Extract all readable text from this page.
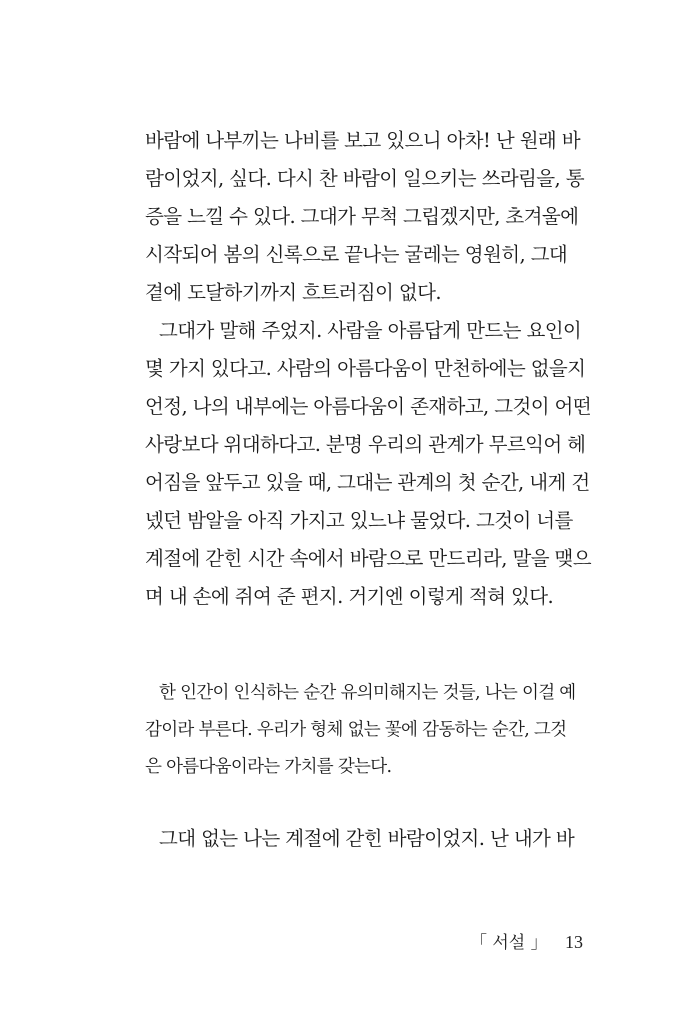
바람에 나부끼는 나비를 보고 있으니 아차! 난 원래 바
람이었지, 싶다. 다시 찬 바람이 일으키는 쓰라림을, 통
증을 느낄 수 있다. 그대가 무척 그립겠지만, 초겨울에
시작되어 봄의 신록으로 끝나는 굴레는 영원히, 그대
곁에 도달하기까지 흐트러짐이 없다.
그대가 말해 주었지. 사람을 아름답게 만드는 요인이
몇 가지 있다고. 사람의 아름다움이 만천하에는 없을지
언정, 나의 내부에는 아름다움이 존재하고, 그것이 어떤
사랑보다 위대하다고. 분명 우리의 관계가 무르익어 헤
어짐을 앞두고 있을 때, 그대는 관계의 첫 순간, 내게 건
넸던 밤알을 아직 가지고 있느냐 물었다. 그것이 너를
계절에 갇힌 시간 속에서 바람으로 만드리라, 말을 맺으
며 내 손에 쥐여 준 편지. 거기엔 이렇게 적혀 있다.
한 인간이 인식하는 순간 유의미해지는 것들, 나는 이걸 예
감이라 부른다. 우리가 형체 없는 꽃에 감동하는 순간, 그것
은 아름다움이라는 가치를 갖는다.
그대 없는 나는 계절에 갇힌 바람이었지. 난 내가 바
「 서설 」 13
